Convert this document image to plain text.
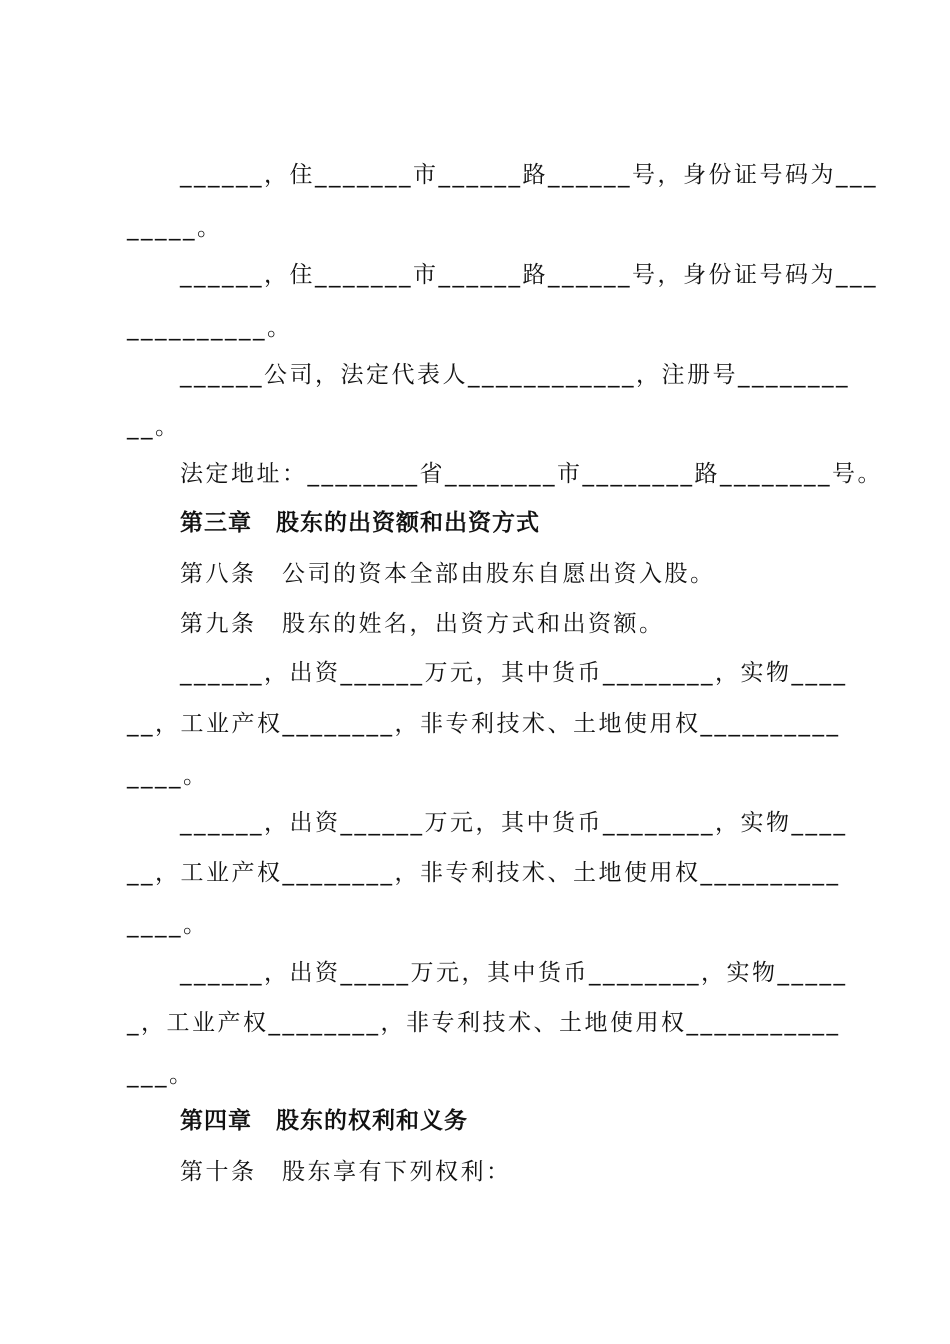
______，住_______市______路______号，身份证号码为___
_____。
______，住_______市______路______号，身份证号码为___
__________。
______公司，法定代表人____________，注册号________
__。
法定地址：________省________市________路________号。
第三章　股东的出资额和出资方式
第八条　公司的资本全部由股东自愿出资入股。
第九条　股东的姓名，出资方式和出资额。
______，出资______万元，其中货币________，实物____
__，工业产权________，非专利技术、土地使用权__________
____。
______，出资______万元，其中货币________，实物____
__，工业产权________，非专利技术、土地使用权__________
____。
______，出资_____万元，其中货币________，实物_____
_，工业产权________，非专利技术、土地使用权___________
___。
第四章　股东的权利和义务
第十条　股东享有下列权利：
